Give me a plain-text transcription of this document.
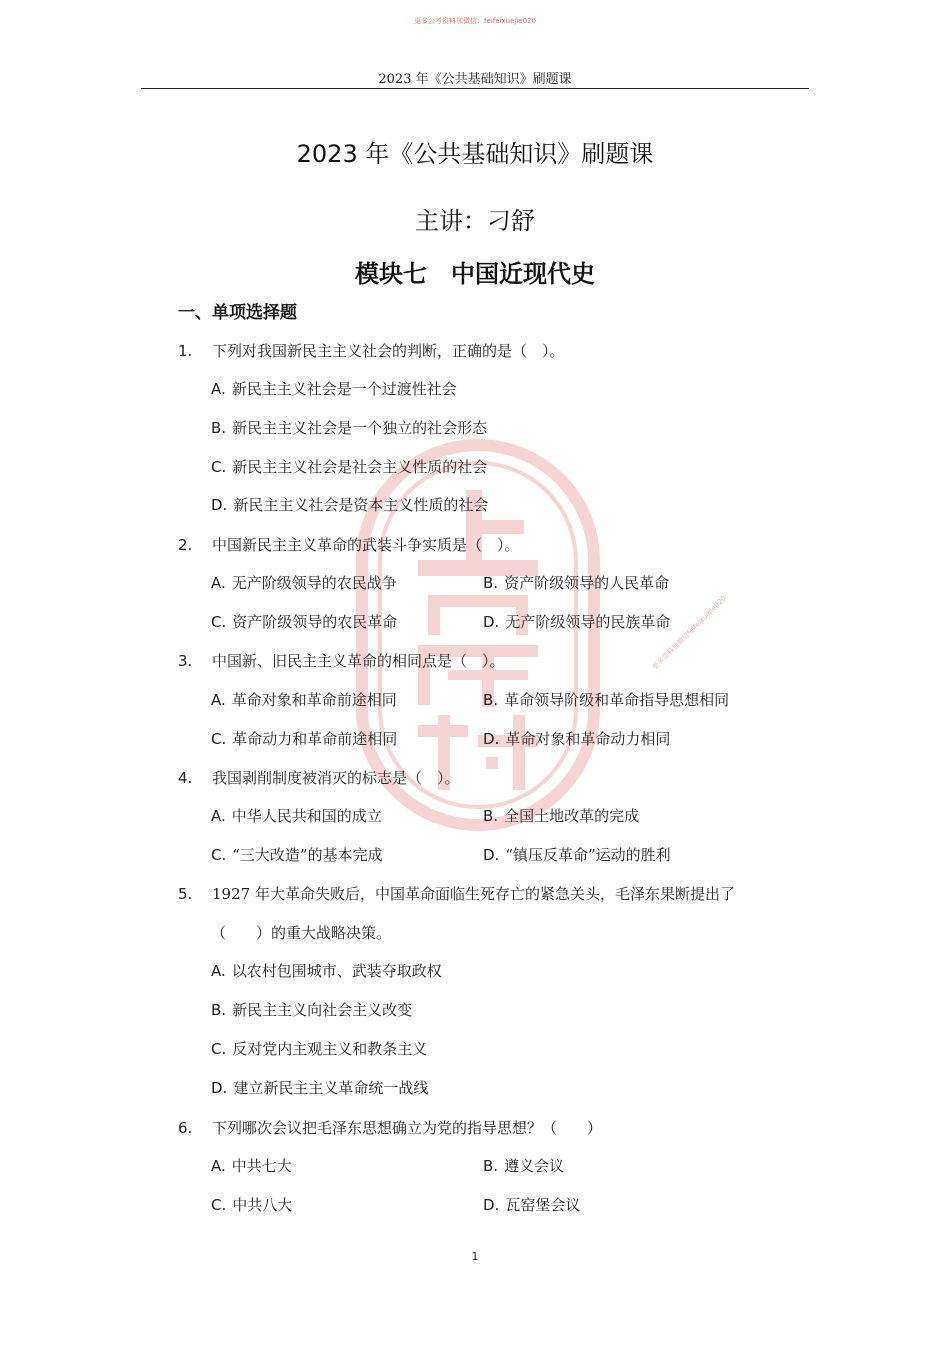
更多公考资料加微信：feifeixuejie020
2023 年《公共基础知识》刷题课
更多资料加微信feifeixuejie020
2023 年《公共基础知识》刷题课
主讲：刁舒
模块七　中国近现代史
一、单项选择题
1. 下列对我国新民主主义社会的判断，正确的是（　）。
A. 新民主主义社会是一个过渡性社会
B. 新民主主义社会是一个独立的社会形态
C. 新民主主义社会是社会主义性质的社会
D. 新民主主义社会是资本主义性质的社会
2. 中国新民主主义革命的武装斗争实质是（　）。
A. 无产阶级领导的农民战争	B. 资产阶级领导的人民革命
C. 资产阶级领导的农民革命	D. 无产阶级领导的民族革命
3. 中国新、旧民主主义革命的相同点是（　）。
A. 革命对象和革命前途相同	B. 革命领导阶级和革命指导思想相同
C. 革命动力和革命前途相同	D. 革命对象和革命动力相同
4. 我国剥削制度被消灭的标志是（　）。
A. 中华人民共和国的成立	B. 全国土地改革的完成
C. “三大改造”的基本完成	D. “镇压反革命”运动的胜利
5. 1927 年大革命失败后，中国革命面临生死存亡的紧急关头，毛泽东果断提出了
（　　）的重大战略决策。
A. 以农村包围城市、武装夺取政权
B. 新民主主义向社会主义改变
C. 反对党内主观主义和教条主义
D. 建立新民主主义革命统一战线
6. 下列哪次会议把毛泽东思想确立为党的指导思想？（　　）
A. 中共七大	B. 遵义会议
C. 中共八大	D. 瓦窑堡会议
1
